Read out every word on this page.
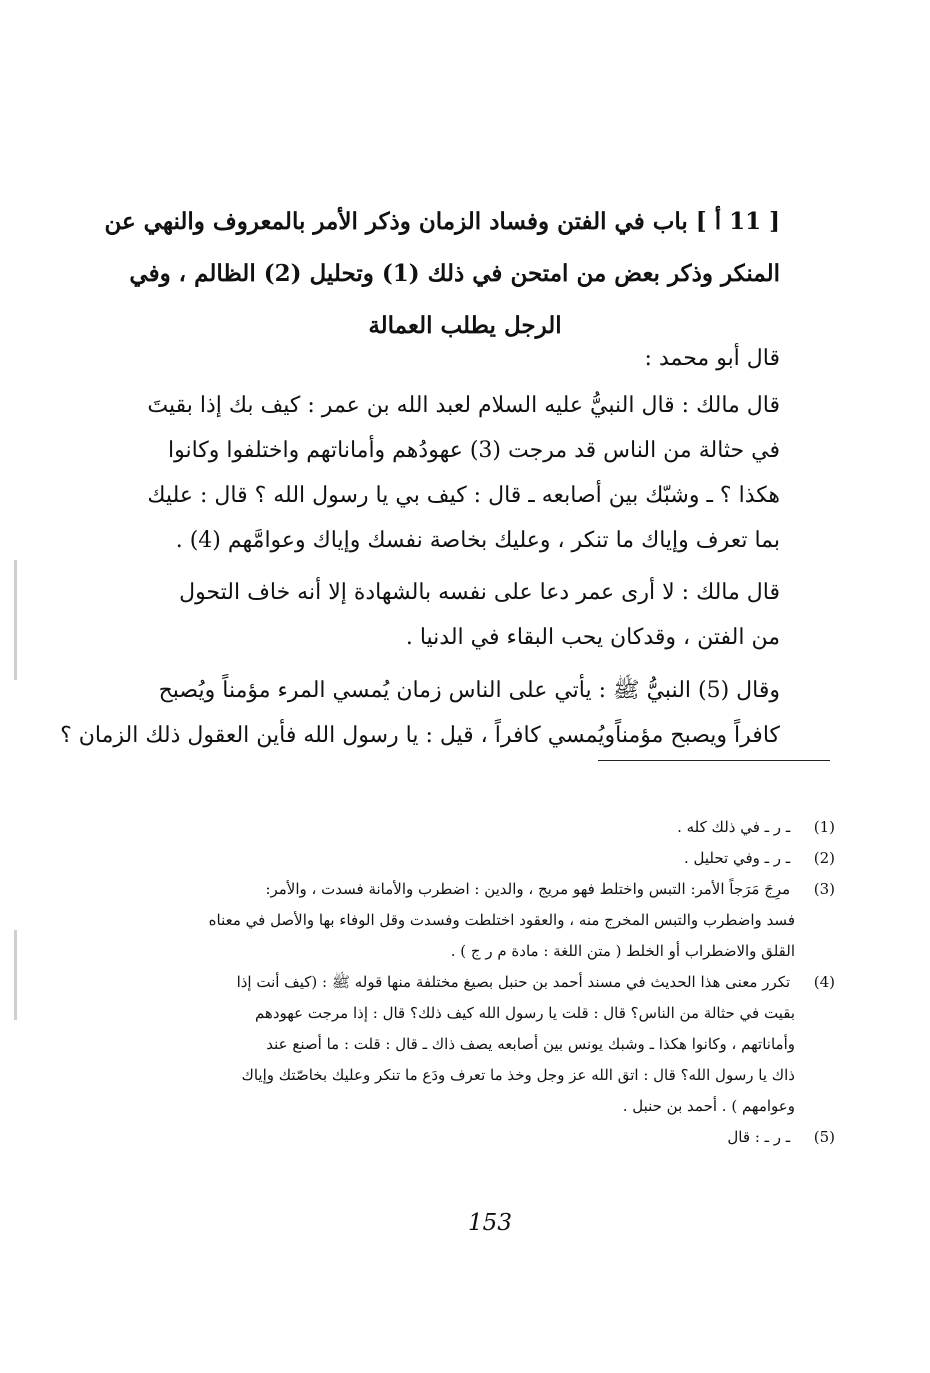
[ 11 أ ] باب في الفتن وفساد الزمان وذكر الأمر بالمعروف والنهي عن
المنكر وذكر بعض من امتحن في ذلك (1) وتحليل (2) الظالم ، وفي
الرجل يطلب العمالة
قال أبو محمد :
قال مالك : قال النبيُّ عليه السلام لعبد الله بن عمر : كيف بك إذا بقيتَ
في حثالة من الناس قد مرجت (3) عهودُهم وأماناتهم واختلفوا وكانوا
هكذا ؟ ـ وشبّك بين أصابعه ـ قال : كيف بي يا رسول الله ؟ قال : عليك
بما تعرف وإياك ما تنكر ، وعليك بخاصة نفسك وإياك وعوامَّهم (4) .
قال مالك : لا أرى عمر دعا على نفسه بالشهادة إلا أنه خاف التحول
من الفتن ، وقدكان يحب البقاء في الدنيا .
وقال (5) النبيُّ ﷺ : يأتي على الناس زمان يُمسي المرء مؤمناً ويُصبح
كافراً ويصبح مؤمناًويُمسي كافراً ، قيل : يا رسول الله فأين العقول ذلك الزمان ؟
(1) ـ ر ـ في ذلك كله .
(2) ـ ر ـ وفي تحليل .
(3) مرِجَ مَرَجاً الأمر: التبس واختلط فهو مريج ، والدين : اضطرب والأمانة فسدت ، والأمر:
فسد واضطرب والتبس المخرج منه ، والعقود اختلطت وفسدت وقل الوفاء بها والأصل في معناه
القلق والاضطراب أو الخلط ( متن اللغة : مادة م ر ج ) .
(4) تكرر معنى هذا الحديث في مسند أحمد بن حنبل بصيغ مختلفة منها قوله ﷺ : (كيف أنت إذا
بقيت في حثالة من الناس؟ قال : قلت يا رسول الله كيف ذلك؟ قال : إذا مرجت عهودهم
وأماناتهم ، وكانوا هكذا ـ وشبك يونس بين أصابعه يصف ذاك ـ قال : قلت : ما أصنع عند
ذاك يا رسول الله؟ قال : اتق الله عز وجل وخذ ما تعرف ودَع ما تنكر وعليك بخاصّتك وإياك
وعوامهم ) . أحمد بن حنبل .
(5) ـ ر ـ : قال
153
